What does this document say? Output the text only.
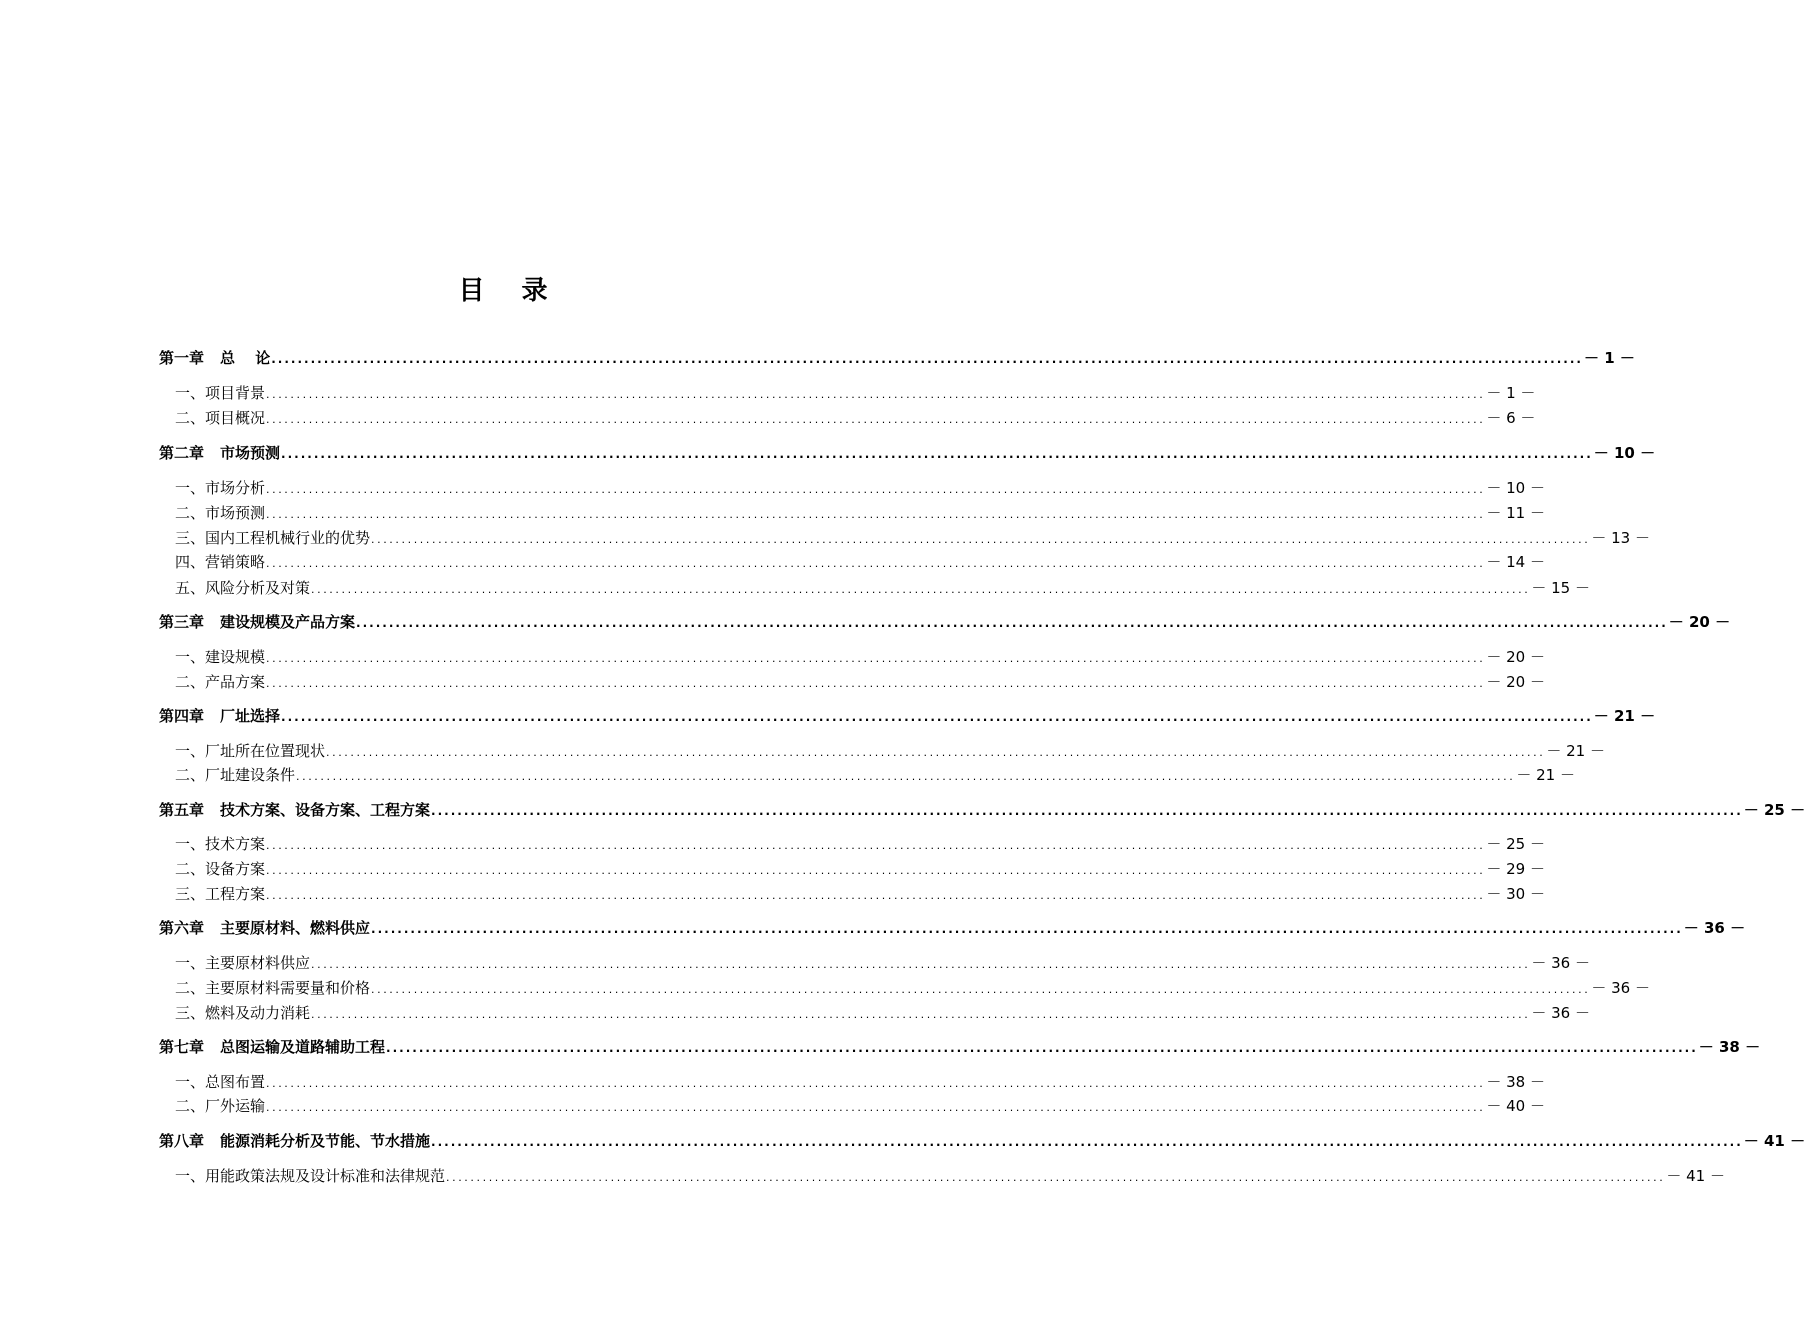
目 录
第一章 总　 论 ........................................................................................................................................................................................................ － 1 －
一、项目背景 ........................................................................................................................................................................................................ － 1 －
二、项目概况 ........................................................................................................................................................................................................ － 6 －
第二章 市场预测 ........................................................................................................................................................................................................ － 10 －
一、市场分析 ........................................................................................................................................................................................................ － 10 －
二、市场预测 ........................................................................................................................................................................................................ － 11 －
三、国内工程机械行业的优势 ........................................................................................................................................................................................................ － 13 －
四、营销策略 ........................................................................................................................................................................................................ － 14 －
五、风险分析及对策 ........................................................................................................................................................................................................ － 15 －
第三章 建设规模及产品方案 ........................................................................................................................................................................................................ － 20 －
一、建设规模 ........................................................................................................................................................................................................ － 20 －
二、产品方案 ........................................................................................................................................................................................................ － 20 －
第四章 厂址选择 ........................................................................................................................................................................................................ － 21 －
一、厂址所在位置现状 ........................................................................................................................................................................................................ － 21 －
二、厂址建设条件 ........................................................................................................................................................................................................ － 21 －
第五章 技术方案、设备方案、工程方案 ........................................................................................................................................................................................................ － 25 －
一、技术方案 ........................................................................................................................................................................................................ － 25 －
二、设备方案 ........................................................................................................................................................................................................ － 29 －
三、工程方案 ........................................................................................................................................................................................................ － 30 －
第六章 主要原材料、燃料供应 ........................................................................................................................................................................................................ － 36 －
一、主要原材料供应 ........................................................................................................................................................................................................ － 36 －
二、主要原材料需要量和价格 ........................................................................................................................................................................................................ － 36 －
三、燃料及动力消耗 ........................................................................................................................................................................................................ － 36 －
第七章 总图运输及道路辅助工程 ........................................................................................................................................................................................................ － 38 －
一、总图布置 ........................................................................................................................................................................................................ － 38 －
二、厂外运输 ........................................................................................................................................................................................................ － 40 －
第八章 能源消耗分析及节能、节水措施 ........................................................................................................................................................................................................ － 41 －
一、用能政策法规及设计标准和法律规范 ........................................................................................................................................................................................................ － 41 －
